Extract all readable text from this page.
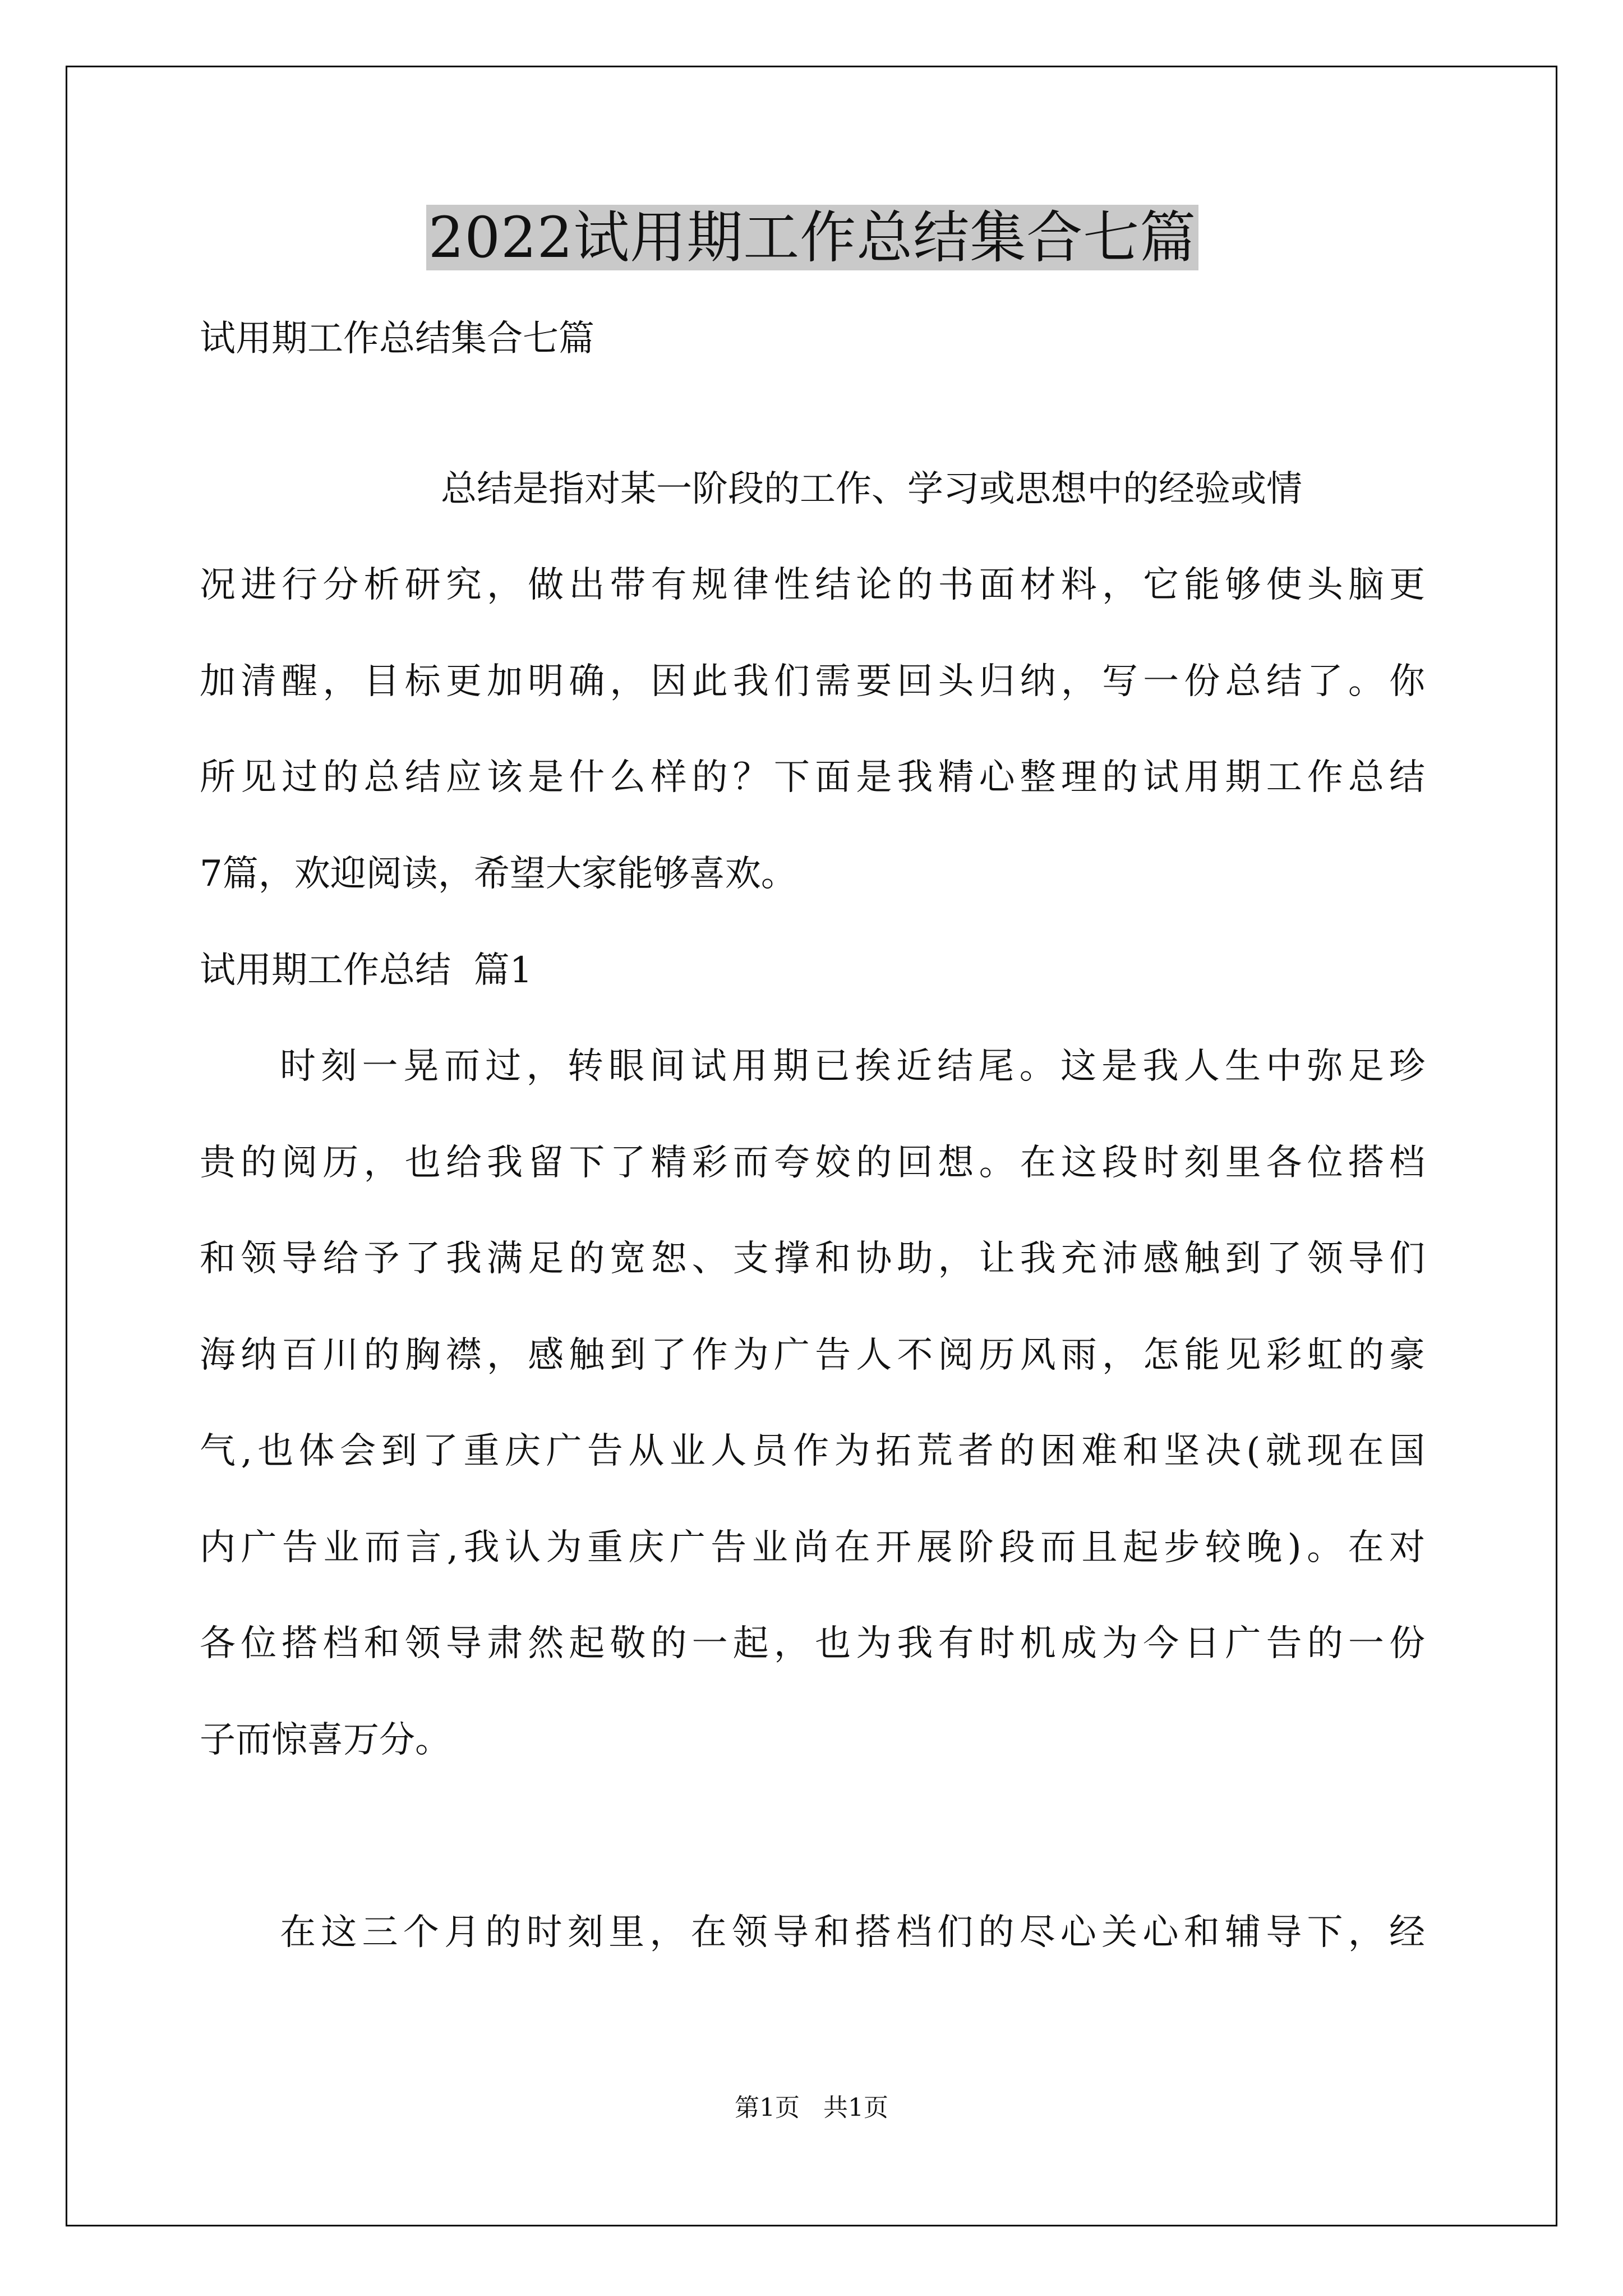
2022试用期工作总结集合七篇
试用期工作总结集合七篇
总结是指对某一阶段的工作、学习或思想中的经验或情
况进行分析研究，做出带有规律性结论的书面材料，它能够使头脑更
加清醒，目标更加明确，因此我们需要回头归纳，写一份总结了。你
所见过的总结应该是什么样的？下面是我精心整理的试用期工作总结
7篇，欢迎阅读，希望大家能够喜欢。
试用期工作总结  篇1
时刻一晃而过，转眼间试用期已挨近结尾。这是我人生中弥足珍
贵的阅历，也给我留下了精彩而夸姣的回想。在这段时刻里各位搭档
和领导给予了我满足的宽恕、支撑和协助，让我充沛感触到了领导们
海纳百川的胸襟，感触到了作为广告人不阅历风雨，怎能见彩虹的豪
气,也体会到了重庆广告从业人员作为拓荒者的困难和坚决(就现在国
内广告业而言,我认为重庆广告业尚在开展阶段而且起步较晚)。在对
各位搭档和领导肃然起敬的一起，也为我有时机成为今日广告的一份
子而惊喜万分。
在这三个月的时刻里，在领导和搭档们的尽心关心和辅导下，经
第1页   共1页
